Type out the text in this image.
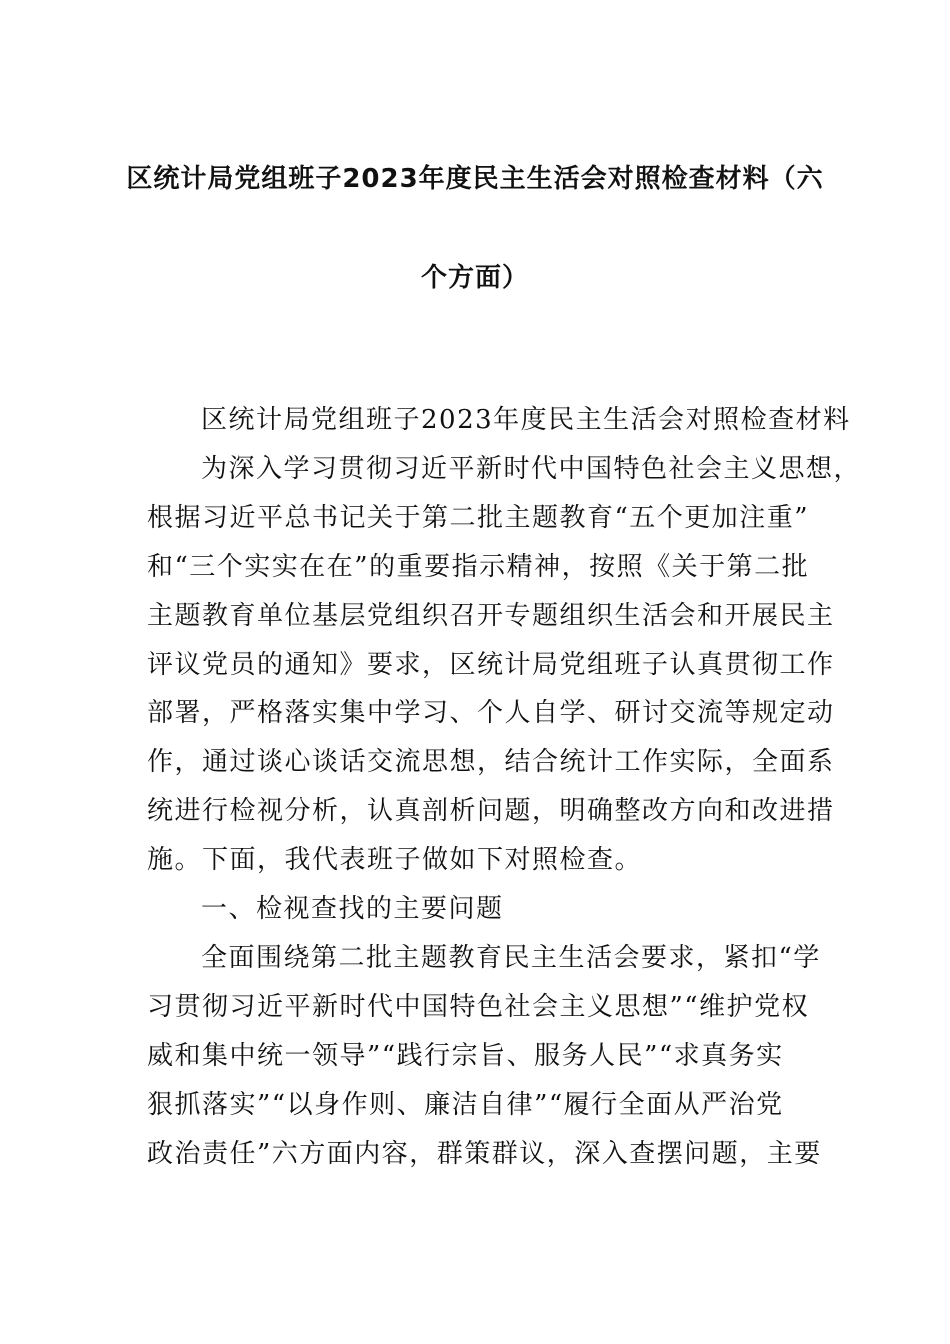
区统计局党组班子2023年度民主生活会对照检查材料（六
个方面）

区统计局党组班子2023年度民主生活会对照检查材料

为深入学习贯彻习近平新时代中国特色社会主义思想，

根据习近平总书记关于第二批主题教育“五个更加注重”

和“三个实实在在”的重要指示精神，按照《关于第二批

主题教育单位基层党组织召开专题组织生活会和开展民主

评议党员的通知》要求，区统计局党组班子认真贯彻工作

部署，严格落实集中学习、个人自学、研讨交流等规定动

作，通过谈心谈话交流思想，结合统计工作实际，全面系

统进行检视分析，认真剖析问题，明确整改方向和改进措

施。下面，我代表班子做如下对照检查。

一、检视查找的主要问题

全面围绕第二批主题教育民主生活会要求，紧扣“学

习贯彻习近平新时代中国特色社会主义思想”“维护党权

威和集中统一领导”“践行宗旨、服务人民”“求真务实

狠抓落实”“以身作则、廉洁自律”“履行全面从严治党

政治责任”六方面内容，群策群议，深入查摆问题，主要
